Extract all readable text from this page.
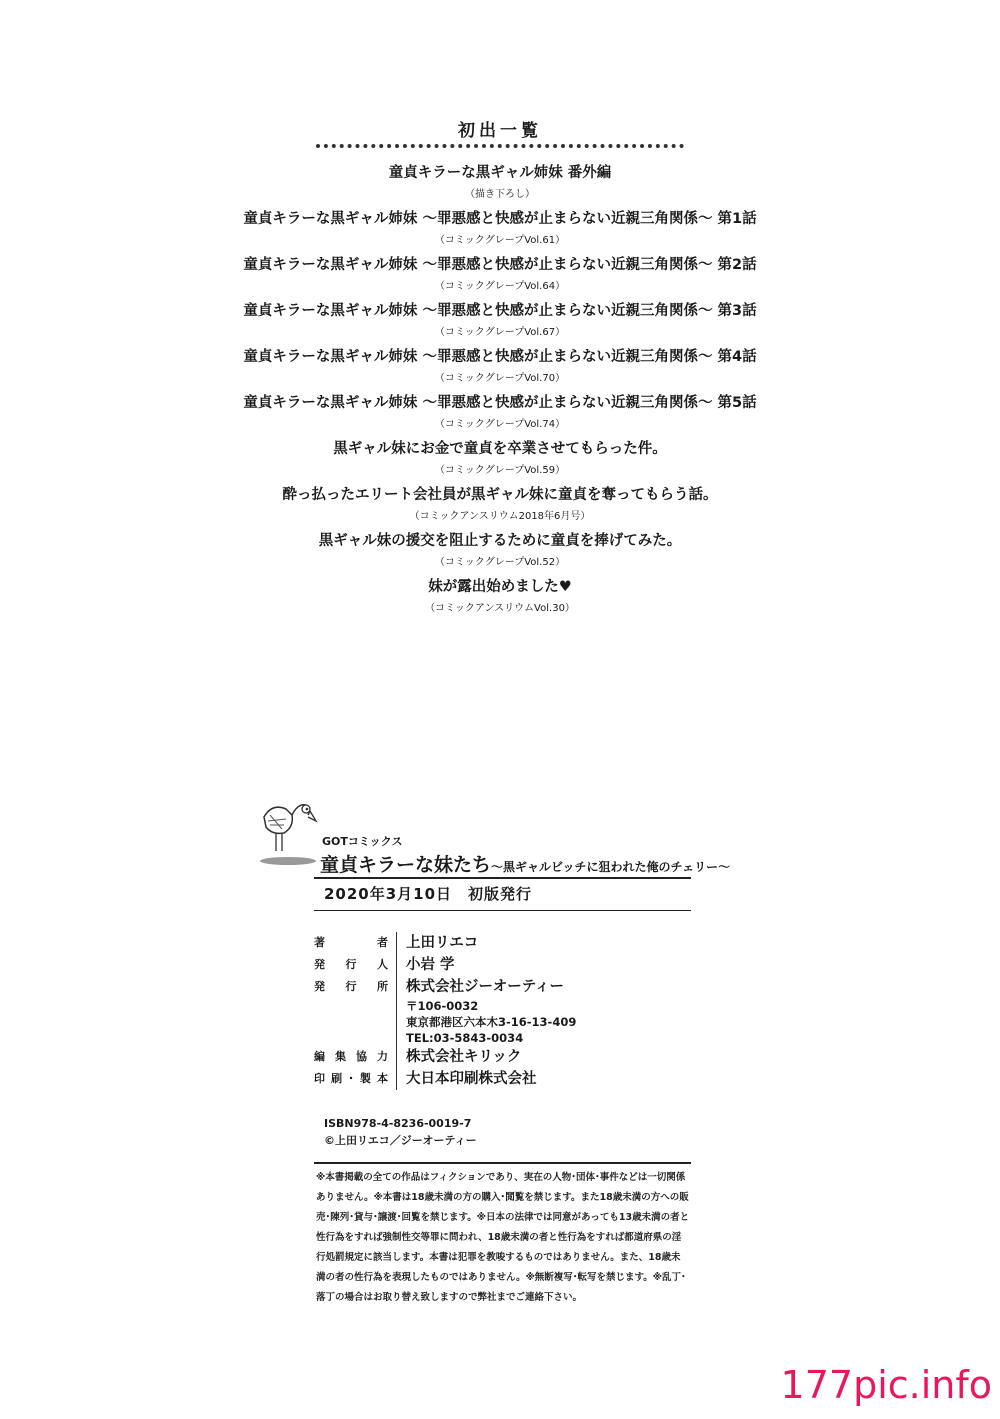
初出一覧
童貞キラーな黒ギャル姉妹 番外編
（描き下ろし）
童貞キラーな黒ギャル姉妹 ～罪悪感と快感が止まらない近親三角関係～ 第1話
（コミックグレープVol.61）
童貞キラーな黒ギャル姉妹 ～罪悪感と快感が止まらない近親三角関係～ 第2話
（コミックグレープVol.64）
童貞キラーな黒ギャル姉妹 ～罪悪感と快感が止まらない近親三角関係～ 第3話
（コミックグレープVol.67）
童貞キラーな黒ギャル姉妹 ～罪悪感と快感が止まらない近親三角関係～ 第4話
（コミックグレープVol.70）
童貞キラーな黒ギャル姉妹 ～罪悪感と快感が止まらない近親三角関係～ 第5話
（コミックグレープVol.74）
黒ギャル妹にお金で童貞を卒業させてもらった件。
（コミックグレープVol.59）
酔っ払ったエリート会社員が黒ギャル妹に童貞を奪ってもらう話。
（コミックアンスリウム2018年6月号）
黒ギャル妹の援交を阻止するために童貞を捧げてみた。
（コミックグレープVol.52）
妹が露出始めました♥
（コミックアンスリウムVol.30）
GOTコミックス
童貞キラーな妹たち～黒ギャルビッチに狙われた俺のチェリー～
2020年3月10日　初版発行
著者	上田リエコ
発行人	小岩 学
発行所	株式会社ジーオーティー
〒106-0032
東京都港区六本木3-16-13-409
TEL:03-5843-0034
編集協力	株式会社キリック
印刷･製本	大日本印刷株式会社
ISBN978-4-8236-0019-7
©上田リエコ／ジーオーティー
※本書掲載の全ての作品はフィクションであり、実在の人物･団体･事件などは一切関係ありません。※本書は18歳未満の方の購入･閲覧を禁じます。また18歳未満の方への販売･陳列･貸与･譲渡･回覧を禁じます。※日本の法律では同意があっても13歳未満の者と性行為をすれば強制性交等罪に問われ、18歳未満の者と性行為をすれば都道府県の淫行処罰規定に該当します。本書は犯罪を教唆するものではありません。また、18歳未満の者の性行為を表現したものではありません。※無断複写･転写を禁じます。※乱丁･落丁の場合はお取り替え致しますので弊社までご連絡下さい。
177pic.info
